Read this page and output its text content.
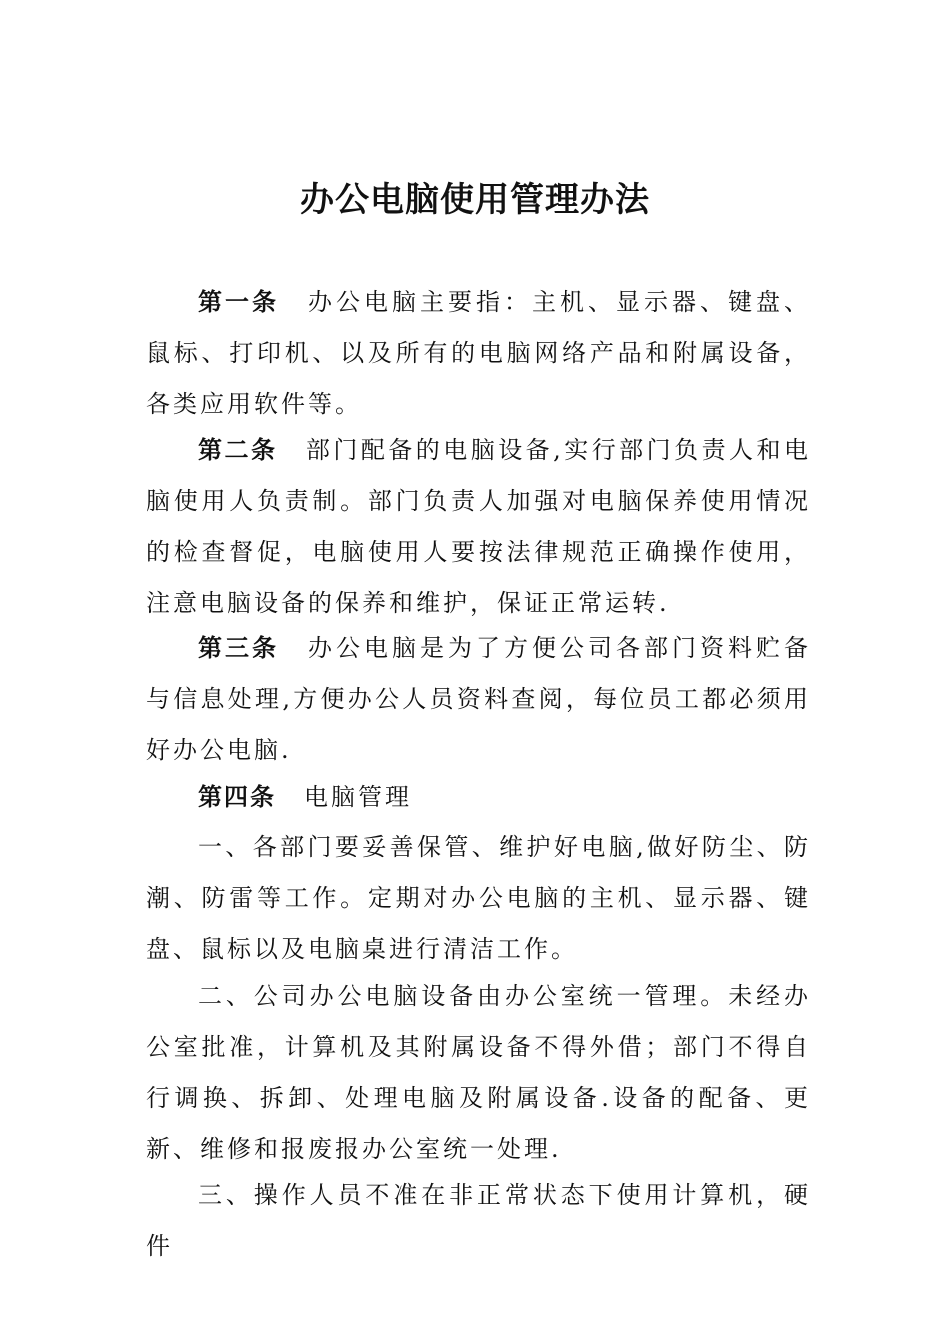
办公电脑使用管理办法

第一条 办公电脑主要指：主机、显示器、键盘、鼠标、打印机、以及所有的电脑网络产品和附属设备，各类应用软件等。

第二条 部门配备的电脑设备,实行部门负责人和电脑使用人负责制。部门负责人加强对电脑保养使用情况的检查督促，电脑使用人要按法律规范正确操作使用，注意电脑设备的保养和维护，保证正常运转.

第三条 办公电脑是为了方便公司各部门资料贮备与信息处理,方便办公人员资料查阅，每位员工都必须用好办公电脑.

第四条 电脑管理

一、各部门要妥善保管、维护好电脑,做好防尘、防潮、防雷等工作。定期对办公电脑的主机、显示器、键盘、鼠标以及电脑桌进行清洁工作。

二、公司办公电脑设备由办公室统一管理。未经办公室批准，计算机及其附属设备不得外借；部门不得自行调换、拆卸、处理电脑及附属设备.设备的配备、更新、维修和报废报办公室统一处理.

三、操作人员不准在非正常状态下使用计算机，硬件
